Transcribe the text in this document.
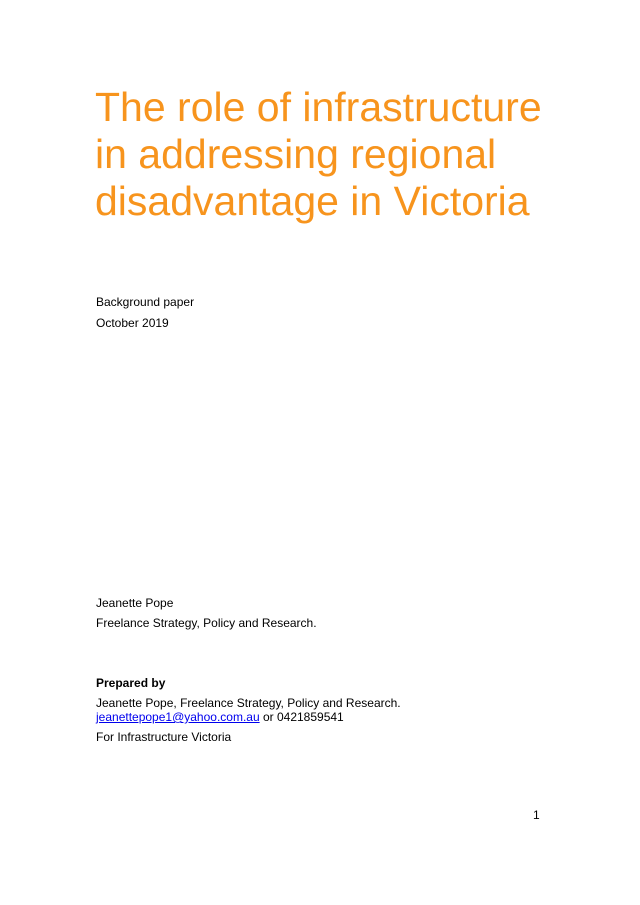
The role of infrastructure
in addressing regional
disadvantage in Victoria
Background paper
October 2019
Jeanette Pope
Freelance Strategy, Policy and Research.
Prepared by
Jeanette Pope, Freelance Strategy, Policy and Research.
jeanettepope1@yahoo.com.au or 0421859541
For Infrastructure Victoria
1
